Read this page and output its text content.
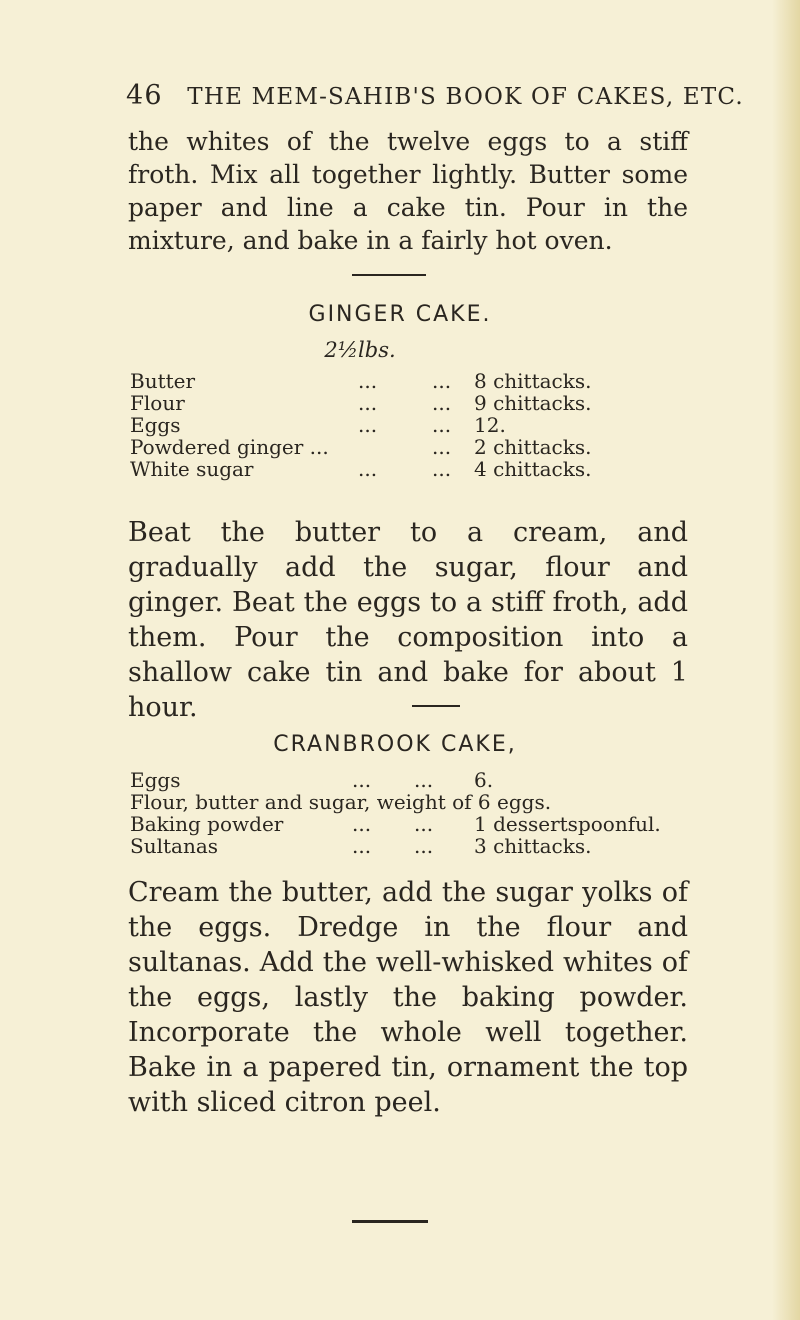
46 THE MEM-SAHIB'S BOOK OF CAKES, ETC.

the whites of the twelve eggs to a stiff froth. Mix all together lightly. Butter some paper and line a cake tin. Pour in the mixture, and bake in a fairly hot oven.

GINGER CAKE.
2½lbs.
Butter	...	... 8 chittacks.
Flour	...	... 9 chittacks.
Eggs	...	... 12.
Powdered ginger ...	... 2 chittacks.
White sugar	...	... 4 chittacks.

Beat the butter to a cream, and gradually add the sugar, flour and ginger. Beat the eggs to a stiff froth, add them. Pour the composition into a shallow cake tin and bake for about 1 hour.

CRANBROOK CAKE,
Eggs	... ... 6.
Flour, butter and sugar, weight of 6 eggs.
Baking powder	... ... 1 dessertspoonful.
Sultanas	... ... 3 chittacks.

Cream the butter, add the sugar yolks of the eggs. Dredge in the flour and sultanas. Add the well-whisked whites of the eggs, lastly the baking powder. Incorporate the whole well together. Bake in a papered tin, ornament the top with sliced citron peel.
